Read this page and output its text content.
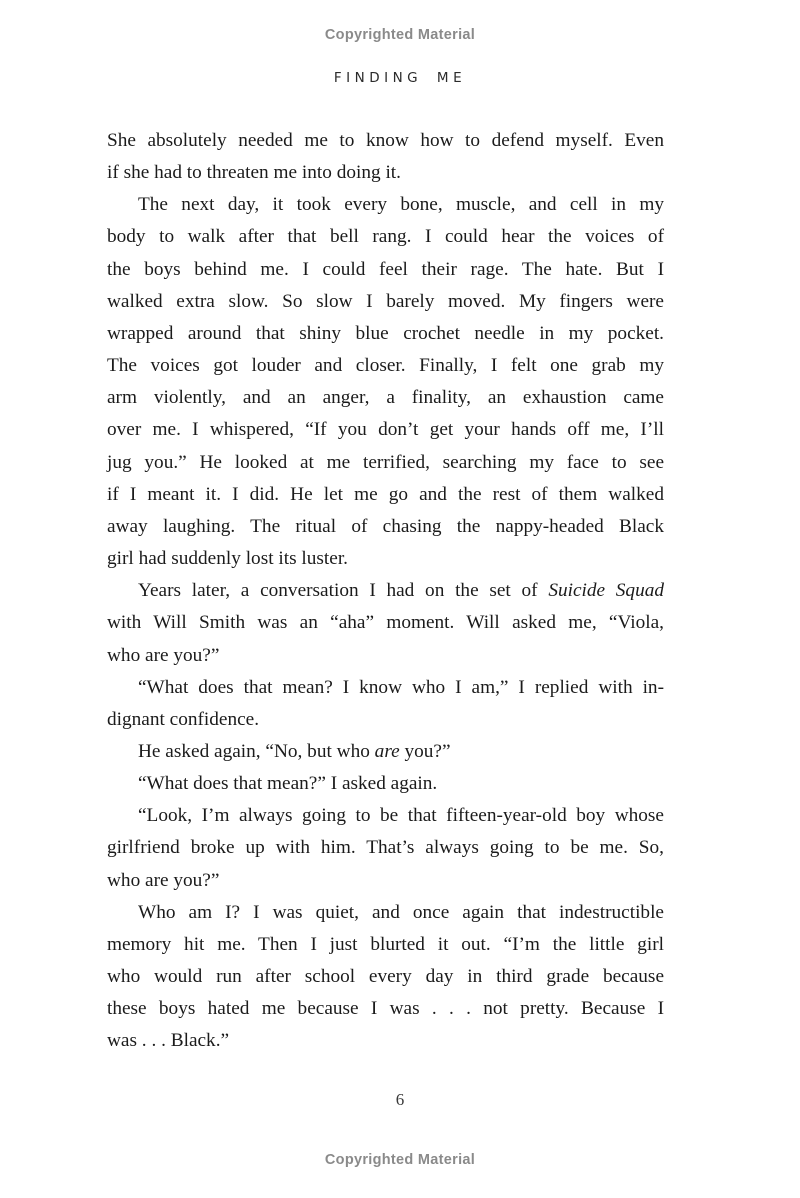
Copyrighted Material
FINDING ME
She absolutely needed me to know how to defend myself. Even
if she had to threaten me into doing it.
The next day, it took every bone, muscle, and cell in my
body to walk after that bell rang. I could hear the voices of
the boys behind me. I could feel their rage. The hate. But I
walked extra slow. So slow I barely moved. My fingers were
wrapped around that shiny blue crochet needle in my pocket.
The voices got louder and closer. Finally, I felt one grab my
arm violently, and an anger, a finality, an exhaustion came
over me. I whispered, “If you don’t get your hands off me, I’ll
jug you.” He looked at me terrified, searching my face to see
if I meant it. I did. He let me go and the rest of them walked
away laughing. The ritual of chasing the nappy-headed Black
girl had suddenly lost its luster.
Years later, a conversation I had on the set of Suicide Squad
with Will Smith was an “aha” moment. Will asked me, “Viola,
who are you?”
“What does that mean? I know who I am,” I replied with in-
dignant confidence.
He asked again, “No, but who are you?”
“What does that mean?” I asked again.
“Look, I’m always going to be that fifteen-year-old boy whose
girlfriend broke up with him. That’s always going to be me. So,
who are you?”
Who am I? I was quiet, and once again that indestructible
memory hit me. Then I just blurted it out. “I’m the little girl
who would run after school every day in third grade because
these boys hated me because I was . . . not pretty. Because I
was . . . Black.”
6
Copyrighted Material
